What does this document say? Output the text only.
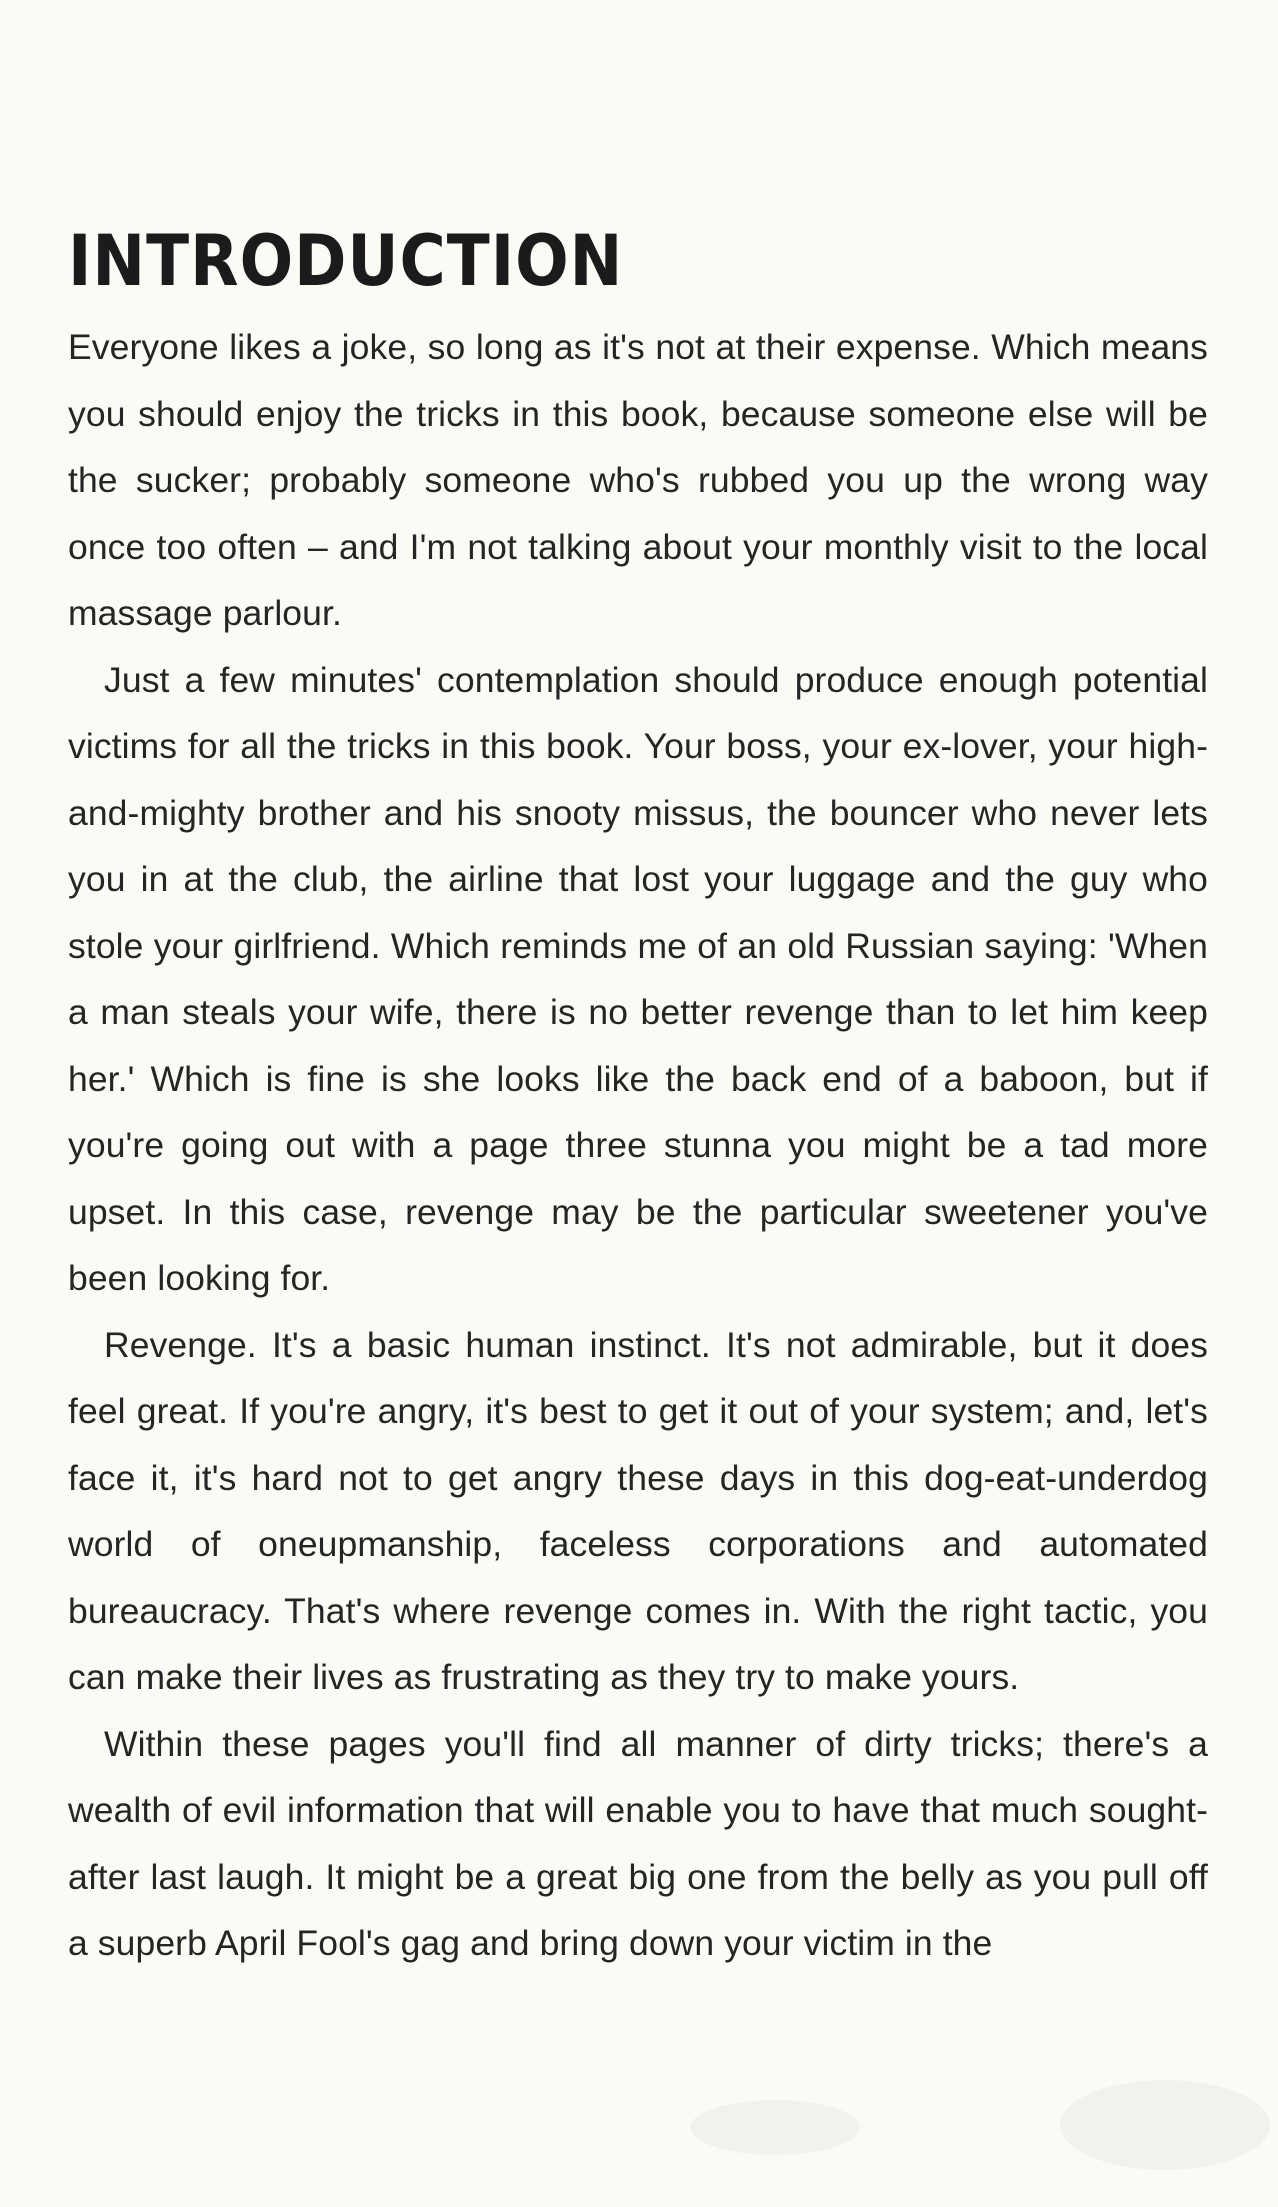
INTRODUCTION

Everyone likes a joke, so long as it's not at their expense. Which means you should enjoy the tricks in this book, because someone else will be the sucker; probably someone who's rubbed you up the wrong way once too often – and I'm not talking about your monthly visit to the local massage parlour.

Just a few minutes' contemplation should produce enough potential victims for all the tricks in this book. Your boss, your ex-lover, your high-and-mighty brother and his snooty missus, the bouncer who never lets you in at the club, the airline that lost your luggage and the guy who stole your girlfriend. Which reminds me of an old Russian saying: 'When a man steals your wife, there is no better revenge than to let him keep her.' Which is fine is she looks like the back end of a baboon, but if you're going out with a page three stunna you might be a tad more upset. In this case, revenge may be the particular sweetener you've been looking for.

Revenge. It's a basic human instinct. It's not admirable, but it does feel great. If you're angry, it's best to get it out of your system; and, let's face it, it's hard not to get angry these days in this dog-eat-underdog world of oneupmanship, faceless corporations and automated bureaucracy. That's where revenge comes in. With the right tactic, you can make their lives as frustrating as they try to make yours.

Within these pages you'll find all manner of dirty tricks; there's a wealth of evil information that will enable you to have that much sought-after last laugh. It might be a great big one from the belly as you pull off a superb April Fool's gag and bring down your victim in the
